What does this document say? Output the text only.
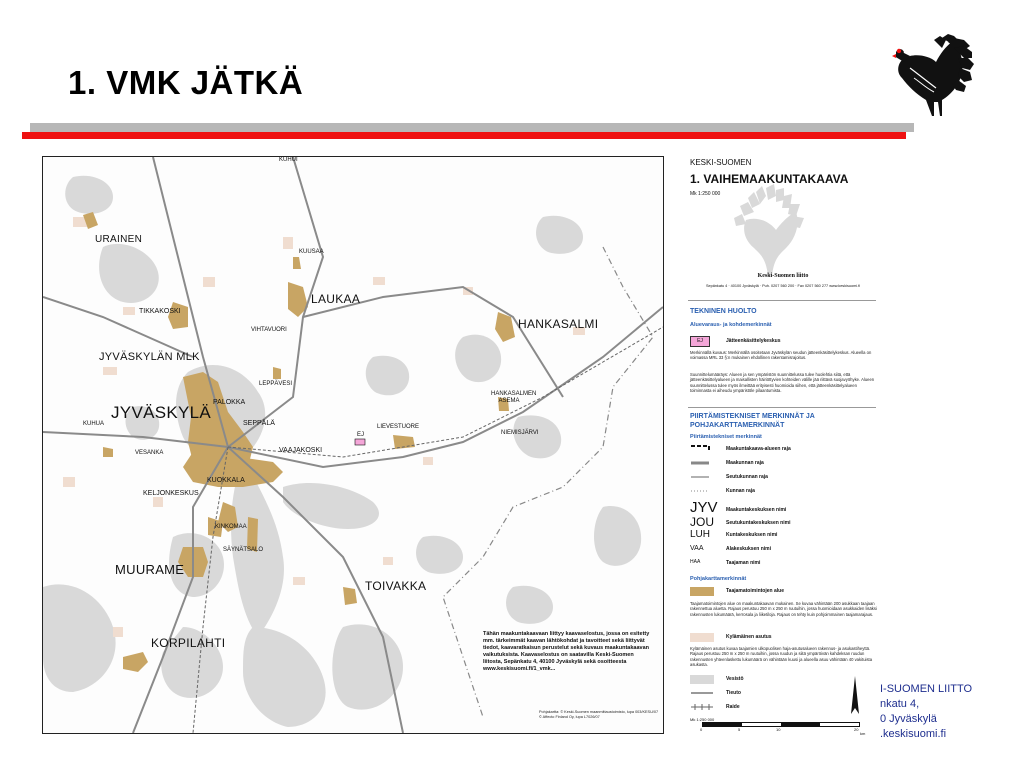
1. VMK JÄTKÄ
JYVÄSKYLÄ
MUURAME
KORPILAHTI
TOIVAKKA
HANKASALMI
LAUKAA
URAINEN
JYVÄSKYLÄN MLK
TIKKAKOSKI
PALOKKA
SEPPÄLÄ
VAAJAKOSKI
KUOKKALA
KELJONKESKUS
LIEVESTUORE
NIEMISJÄRVI
KUHUA
LEPPÄVESI
VIHTAVUORI
VESANKA
KINKOMAA
SÄYNÄTSALO
KUUSAA
HANKASALMEN ASEMA
KUHUI
EJ
Tähän maakuntakaavaan liittyy kaavaselostus, jossa on esitetty mm. tärkeimmät kaavan lähtökohdat ja tavoitteet sekä liittyvät tiedot, kaavaratkaisun perustelut sekä kuvaus maakuntakaavan vaikutuksista. Kaavaselostus on saatavilla Keski-Suomen liitosta, Sepänkatu 4, 40100 Jyväskylä sekä osoitteesta www.keskisuomi.fi/1_vmk...
Pohjakartta: © Keski-Suomen maanmittaustoimisto, lupa 003/KESU/07 © Affecto Finland Oy, lupa L7026/07
KESKI-SUOMEN
1. VAIHEMAAKUNTAKAAVA
Mk 1:250 000
Keski-Suomen liitto
Sepänkatu 4 · 40100 Jyväskylä · Puh. 0207 560 200 · Fax 0207 560 277 www.keskisuomi.fi
TEKNINEN HUOLTO
Aluevaraus- ja kohdemerkinnät
EJ	Jätteenkäsittelykeskus
Merkinnällä kuvaus: Merkinnällä osoitetaan Jyväskylän seudun jätteenkäsittelykeskus. Alueella on voimassa MRL 33 §:n mukainen ehdollinen rakentamisrajoitus.
Suunnittelumääräys: Alueen ja sen ympäristön suunnittelussa tulee huolehtia siitä, että jätteenkäsittelyalueen ja maisallisten häiriöttyvien kohteiden välille jää riittävä suojavyöhyke. Alueen suunnittelussa tulee myös ilmeittää erityisesti huomioida siihen, että jätteenkäsittelyalueen toiminnasta ei aiheudu ympäristöle pilaantumista.
PIIRTÄMISTEKNISET MERKINNÄT JA POHJAKARTTAMERKINNÄT
Piirtämistekniset merkinnät
Maakuntakaava-alueen raja
Maakunnan raja
Seutukunnan raja
Kunnan raja
JYV Maakuntakeskuksen nimi
JOU Seutukuntakeskuksen nimi
LUH	Kuntakeskuksen nimi
VAA	Alakeskuksen nimi
HAA	Taajaman nimi
Pohjakarttamerkinnät
Taajamatoimintojen alue
Taajamatoimintojen alue on maakuntakaavan mukainen. Se kuvaa vähintään 200 asukkaan taajaan rakennettua aluetta. Rajaus perustuu 250 m x 250 m ruutuihin, jossa huomioidaan asukkaiden lisäksi rakennusten lukumäärä, kerrosala ja liiketiloja. Rajaus on tehty kuin pohjoimmainen taajamarajaus.
Kylämäinen asutus
Kylämäinen asutus kuvaa taajamien ulkopuolisen haja-asutusalueen rakennus- ja asukastiheyttä. Rajaus perustuu 250 m x 250 m ruutuihin, jossa ruudun ja siitä ympäröivän kahdeksan ruudun rakennusten yhteenlaskettu lukumäärä on vähintään kuusi ja alueella asuu vähintään 40 vakituista asukasta.
Vesistö
Tieuto
Raide
Mk 1:250 000
0	5	10	20
km
I-SUOMEN LIITTO
nkatu 4,
0 Jyväskylä
.keskisuomi.fi
